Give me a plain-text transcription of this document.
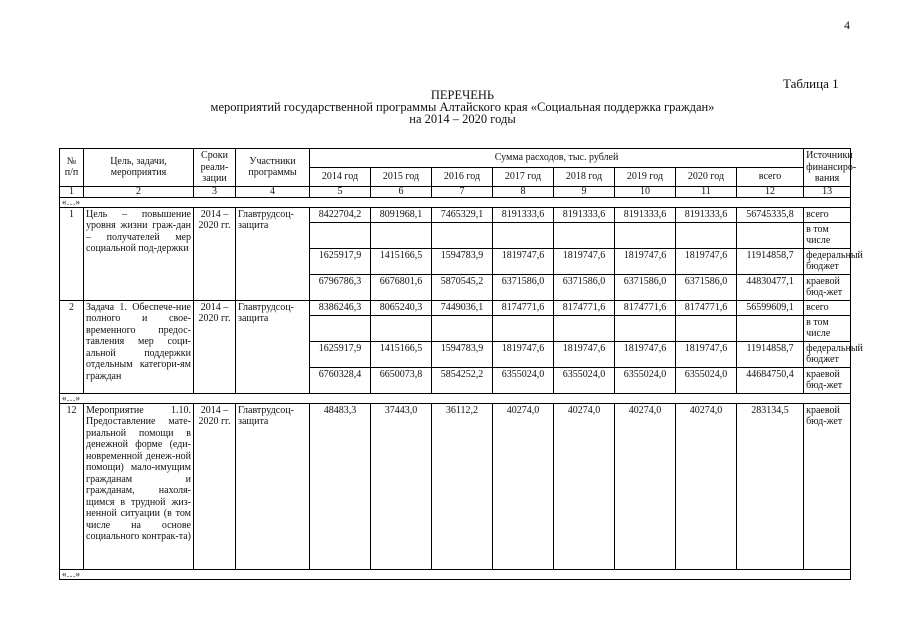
4
Таблица 1
ПЕРЕЧЕНЬ
мероприятий государственной программы Алтайского края «Социальная поддержка граждан»
на 2014 – 2020 годы
№ п/п	Цель, задачи, мероприятия	Сроки реали-зации	Участники программы	Сумма расходов, тыс. рублей								Источники финансиро-вания
				2014 год	2015 год	2016 год	2017 год	2018 год	2019 год	2020 год	всего	
1	2	3	4	5	6	7	8	9	10	11	12	13
«…»												
1	Цель – повышение уровня жизни граж-дан – получателей мер социальной под-держки	2014 – 2020 гг.	Главтрудсоц-защита	8422704,2	8091968,1	7465329,1	8191333,6	8191333,6	8191333,6	8191333,6	56745335,8	всего
												в том числе
				1625917,9	1415166,5	1594783,9	1819747,6	1819747,6	1819747,6	1819747,6	11914858,7	федеральный бюджет
				6796786,3	6676801,6	5870545,2	6371586,0	6371586,0	6371586,0	6371586,0	44830477,1	краевой бюд-жет
2	Задача 1. Обеспече-ние полного и свое-временного предос-тавления мер соци-альной поддержки отдельным категори-ям граждан	2014 – 2020 гг.	Главтрудсоц-защита	8386246,3	8065240,3	7449036,1	8174771,6	8174771,6	8174771,6	8174771,6	56599609,1	всего
												в том числе
				1625917,9	1415166,5	1594783,9	1819747,6	1819747,6	1819747,6	1819747,6	11914858,7	федеральный бюджет
				6760328,4	6650073,8	5854252,2	6355024,0	6355024,0	6355024,0	6355024,0	44684750,4	краевой бюд-жет
«…»												
12	Мероприятие 1.10. Предоставление мате-риальной помощи в денежной форме (еди-новременной денеж-ной помощи) мало-имущим гражданам и гражданам, нахоля-щимся в трудной жиз-ненной ситуации (в том числе на основе социального контрак-та)	2014 – 2020 гг.	Главтрудсоц-защита	48483,3	37443,0	36112,2	40274,0	40274,0	40274,0	40274,0	283134,5	краевой бюд-жет
«…»												
